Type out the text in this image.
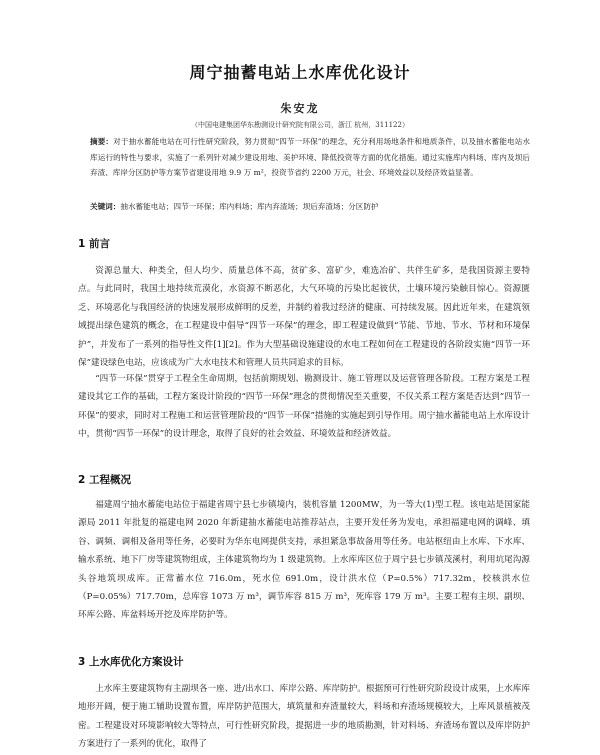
周宁抽蓄电站上水库优化设计
朱安龙
（中国电建集团华东勘测设计研究院有限公司，浙江 杭州，311122）
摘要：对于抽水蓄能电站在可行性研究阶段，努力贯彻“四节一环保”的理念，充分利用场地条件和地质条件，以及抽水蓄能电站水库运行的特性与要求，实施了一系列针对减少建设用地、美护环境、降低投资等方面的优化措施。通过实施库内料场、库内及坝后弃渣、库岸分区防护等方案节省建设用地 9.9 万 m²，投资节省约 2200 万元，社会、环境效益以及经济效益显著。
关键词：抽水蓄能电站；四节一环保；库内料场；库内弃渣场；坝后弃渣场；分区防护
1 前言
资源总量大、种类全，但人均少、质量总体不高，贫矿多、富矿少，难选冶矿、共伴生矿多，是我国资源主要特点。与此同时，我国土地持续荒漠化，水资源不断恶化，大气环境的污染比起彼伏，土壤环境污染触目惊心。资源匮乏、环境恶化与我国经济的快速发展形成鲜明的反差，并制约着我过经济的健康、可持续发展。因此近年来，在建筑领域提出绿色建筑的概念，在工程建设中倡导“四节一环保”的理念，即工程建设做到“节能、节地、节水、节材和环境保护”，并发布了一系列的指导性文件[1][2]。作为大型基础设施建设的水电工程如何在工程建设的各阶段实施“四节一环保”建设绿色电站，应该成为广大水电技术和管理人员共同追求的目标。
“四节一环保”贯穿于工程全生命周期，包括前期规划、勘测设计、施工管理以及运营管理各阶段。工程方案是工程建设其它工作的基础，工程方案设计阶段的“四节一环保”理念的贯彻情况至关重要，不仅关系工程方案是否达到“四节一环保”的要求，同时对工程施工和运营管理阶段的“四节一环保”措施的实施起到引导作用。周宁抽水蓄能电站上水库设计中，贯彻“四节一环保”的设计理念，取得了良好的社会效益、环境效益和经济效益。
2 工程概况
福建周宁抽水蓄能电站位于福建省周宁县七步镇境内，装机容量 1200MW，为一等大(1)型工程。该电站是国家能源局 2011 年批复的福建电网 2020 年新建抽水蓄能电站推荐站点，主要开发任务为发电，承担福建电网的调峰、填谷、调频、调相及备用等任务，必要时为华东电网提供支持，承担紧急事故备用等任务。电站枢纽由上水库、下水库、输水系统、地下厂房等建筑物组成，主体建筑物均为 1 级建筑物。上水库库区位于周宁县七步镇茂溪村，利用坑尾沟源头谷地筑坝成库。正常蓄水位 716.0m，死水位 691.0m，设计洪水位（P=0.5%）717.32m，校核洪水位（P=0.05%）717.70m，总库容 1073 万 m³，调节库容 815 万 m³，死库容 179 万 m³。主要工程有主坝、副坝、环库公路、库盆料场开挖及库岸防护等。
3 上水库优化方案设计
上水库主要建筑物有主副坝各一座、进/出水口、库岸公路、库岸防护。根据预可行性研究阶段设计成果，上水库库地形开阔，便于施工辅助设置布置，库岸防护范围大，填筑量和弃渣量较大，料场和弃渣场规模较大，上库风景植被茂密。工程建设对环境影响较大等特点，可行性研究阶段，提据进一步的地质勘测，针对料场、弃渣场布置以及库岸防护方案进行了一系列的优化，取得了
